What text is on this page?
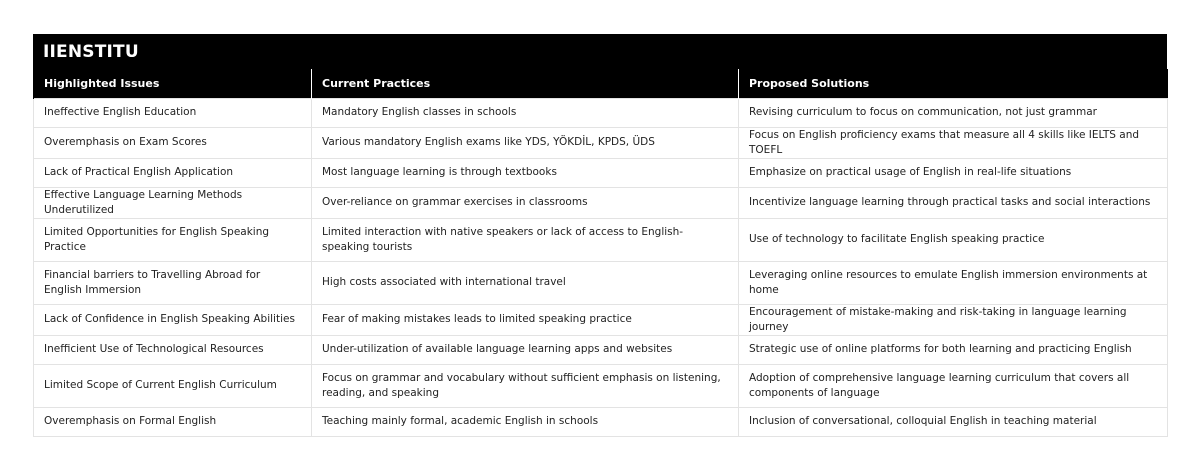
IIENSTITU
Highlighted Issues	Current Practices	Proposed Solutions
Ineffective English Education	Mandatory English classes in schools	Revising curriculum to focus on communication, not just grammar
Overemphasis on Exam Scores	Various mandatory English exams like YDS, YÖKDİL, KPDS, ÜDS	Focus on English proficiency exams that measure all 4 skills like IELTS and TOEFL
Lack of Practical English Application	Most language learning is through textbooks	Emphasize on practical usage of English in real-life situations
Effective Language Learning Methods Underutilized	Over-reliance on grammar exercises in classrooms	Incentivize language learning through practical tasks and social interactions
Limited Opportunities for English Speaking Practice	Limited interaction with native speakers or lack of access to English-speaking tourists	Use of technology to facilitate English speaking practice
Financial barriers to Travelling Abroad for English Immersion	High costs associated with international travel	Leveraging online resources to emulate English immersion environments at home
Lack of Confidence in English Speaking Abilities	Fear of making mistakes leads to limited speaking practice	Encouragement of mistake-making and risk-taking in language learning journey
Inefficient Use of Technological Resources	Under-utilization of available language learning apps and websites	Strategic use of online platforms for both learning and practicing English
Limited Scope of Current English Curriculum	Focus on grammar and vocabulary without sufficient emphasis on listening, reading, and speaking	Adoption of comprehensive language learning curriculum that covers all components of language
Overemphasis on Formal English	Teaching mainly formal, academic English in schools	Inclusion of conversational, colloquial English in teaching material
